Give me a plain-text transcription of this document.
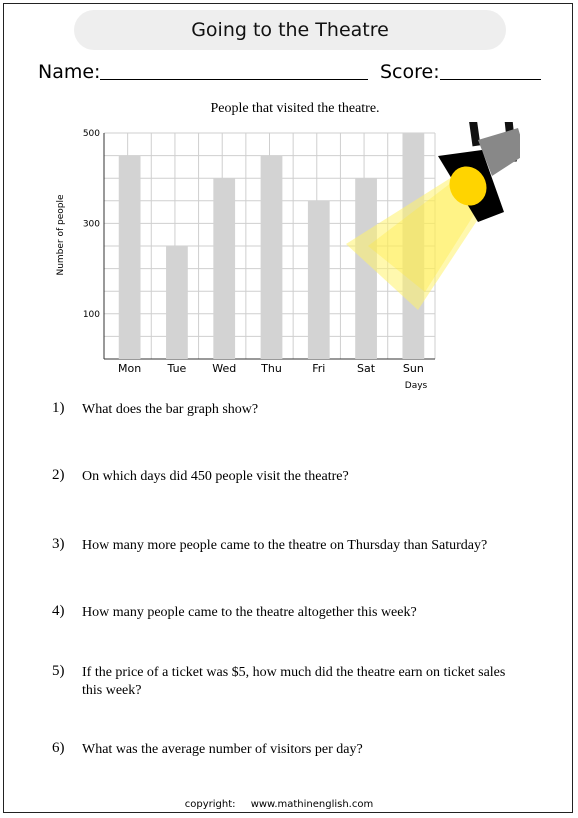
Going to the Theatre
Name:	Score:
People that visited the theatre.
100
300
500
Mon Tue Wed Thu	Fri	Sat	Sun
Number of people
Days
1) What does the bar graph show?
2) On which days did 450 people visit the theatre?
3) How many more people came to the theatre on Thursday than Saturday?
4) How many people came to the theatre altogether this week?
5) If the price of a ticket was $5, how much did the theatre earn on ticket sales this week?
6) What was the average number of visitors per day?
copyright: www.mathinenglish.com
